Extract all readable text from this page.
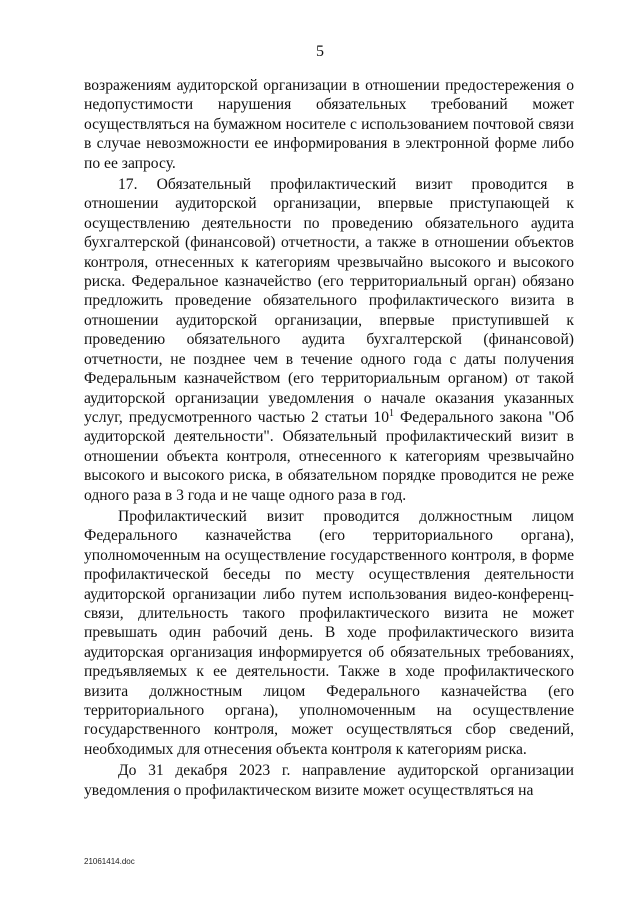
5

возражениям аудиторской организации в отношении предостережения о недопустимости нарушения обязательных требований может осуществляться на бумажном носителе с использованием почтовой связи в случае невозможности ее информирования в электронной форме либо по ее запросу.

17. Обязательный профилактический визит проводится в отношении аудиторской организации, впервые приступающей к осуществлению деятельности по проведению обязательного аудита бухгалтерской (финансовой) отчетности, а также в отношении объектов контроля, отнесенных к категориям чрезвычайно высокого и высокого риска. Федеральное казначейство (его территориальный орган) обязано предложить проведение обязательного профилактического визита в отношении аудиторской организации, впервые приступившей к проведению обязательного аудита бухгалтерской (финансовой) отчетности, не позднее чем в течение одного года с даты получения Федеральным казначейством (его территориальным органом) от такой аудиторской организации уведомления о начале оказания указанных услуг, предусмотренного частью 2 статьи $10^1$ Федерального закона "Об аудиторской деятельности". Обязательный профилактический визит в отношении объекта контроля, отнесенного к категориям чрезвычайно высокого и высокого риска, в обязательном порядке проводится не реже одного раза в 3 года и не чаще одного раза в год.

Профилактический визит проводится должностным лицом Федерального казначейства (его территориального органа), уполномоченным на осуществление государственного контроля, в форме профилактической беседы по месту осуществления деятельности аудиторской организации либо путем использования видео-конференц-связи, длительность такого профилактического визита не может превышать один рабочий день. В ходе профилактического визита аудиторская организация информируется об обязательных требованиях, предъявляемых к ее деятельности. Также в ходе профилактического визита должностным лицом Федерального казначейства (его территориального органа), уполномоченным на осуществление государственного контроля, может осуществляться сбор сведений, необходимых для отнесения объекта контроля к категориям риска.

До 31 декабря 2023 г. направление аудиторской организации уведомления о профилактическом визите может осуществляться на

21061414.doc
